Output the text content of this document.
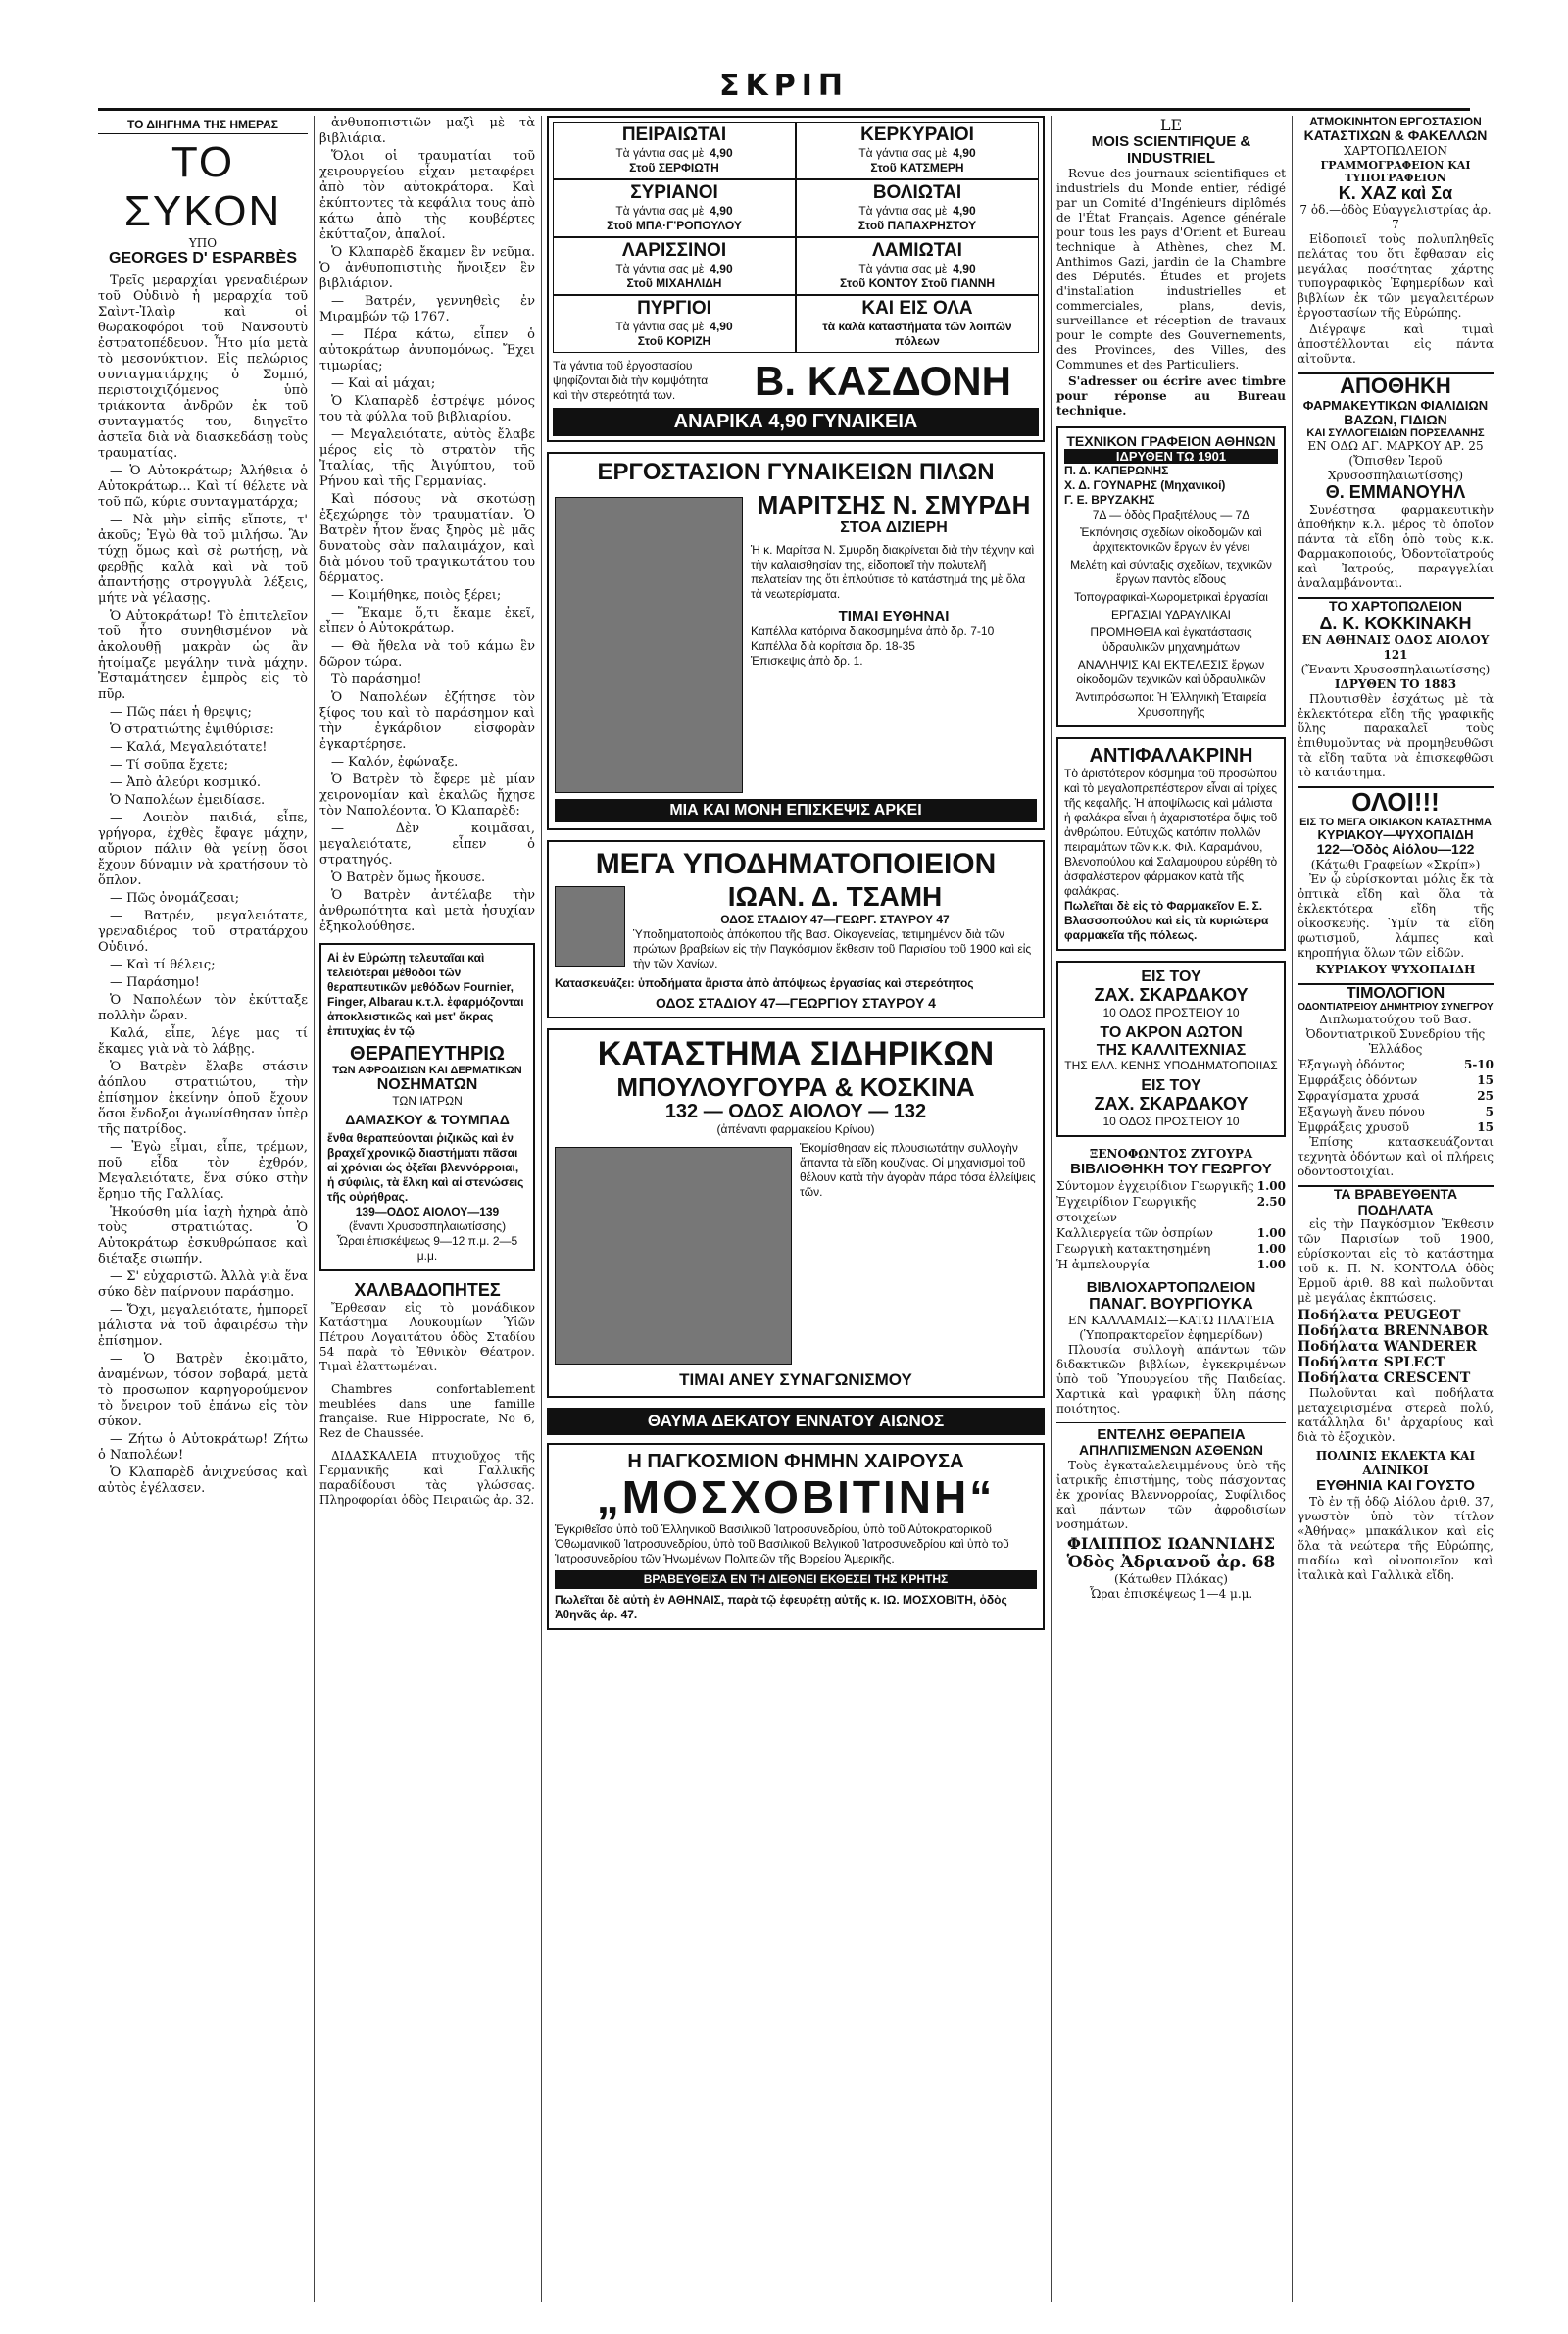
ΣΚΡΙΠ
ΤΟ ΔΙΗΓΗΜΑ ΤΗΣ ΗΜΕΡΑΣ
ΤΟ ΣΥΚΟΝ
ΥΠΟ
GEORGES D' ESPARBÈS

Τρεῖς μεραρχίαι γρεναδιέρων τοῦ Οὐδινὸ ἡ μεραρχία τοῦ Σαὶντ-Ἰλαὶρ καὶ οἱ θωρακοφόροι τοῦ Νανσουτὺ ἐστρατοπέδευον. Ἦτο μία μετὰ τὸ μεσονύκτιον. Εἰς πελώριος συνταγματάρχης ὁ Σομπό, περιστοιχιζόμενος ὑπὸ τριάκοντα ἀνδρῶν ἐκ τοῦ συνταγματός του, διηγεῖτο ἀστεῖα διὰ νὰ διασκεδάσῃ τοὺς τραυματίας.

— Ὁ Αὐτοκράτωρ; Ἀλήθεια ὁ Αὐτοκράτωρ... Καὶ τί θέλετε νὰ τοῦ πῶ, κύριε συνταγματάρχα;

— Νὰ μὴν εἰπῆς εἴποτε, τ' ἀκοῦς; Ἐγὼ θὰ τοῦ μιλήσω. Ἂν τύχῃ ὅμως καὶ σὲ ρωτήσῃ, νὰ φερθῇς καλὰ καὶ νὰ τοῦ ἀπαντήσῃς στρογγυλὰ λέξεις, μήτε νὰ γέλασῃς.

Ὁ Αὐτοκράτωρ! Τὸ ἐπιτελεῖον τοῦ ἦτο συνηθισμένον νὰ ἀκολουθῇ μακρὰν ὡς ἂν ἡτοίμαζε μεγάλην τινὰ μάχην. Ἐσταμάτησεν ἐμπρὸς εἰς τὸ πῦρ.

— Πῶς πάει ἡ θρεψις;

Ὁ στρατιώτης ἐψιθύρισε:

— Καλά, Μεγαλειότατε!

— Τί σοῦπα ἔχετε;

— Ἀπὸ ἀλεύρι κοσμικό.

Ὁ Ναπολέων ἐμειδίασε.

— Λοιπὸν παιδιά, εἶπε, γρήγορα, ἐχθὲς ἔφαγε μάχην, αὔριον πάλιν θὰ γείνῃ ὅσοι ἔχουν δύναμιν νὰ κρατήσουν τὸ ὅπλον.

— Πῶς ὀνομάζεσαι;

— Βατρέν, μεγαλειότατε, γρεναδιέρος τοῦ στρατάρχου Οὐδινό.

— Καὶ τί θέλεις;

— Παράσημο!

Ὁ Ναπολέων τὸν ἐκύτταξε πολλὴν ὥραν.

Καλά, εἶπε, λέγε μας τί ἔκαμες γιὰ νὰ τὸ λάβῃς.

Ὁ Βατρὲν ἔλαβε στάσιν ἀόπλου στρατιώτου, τὴν ἐπίσημον ἐκείνην ὁποῦ ἔχουν ὅσοι ἔνδοξοι ἀγωνίσθησαν ὑπὲρ τῆς πατρίδος.

— Ἐγὼ εἶμαι, εἶπε, τρέμων, ποῦ εἶδα τὸν ἐχθρόν, Μεγαλειότατε, ἕνα σύκο στὴν ἔρημο τῆς Γαλλίας.

Ἠκούσθη μία ἰαχὴ ἠχηρὰ ἀπὸ τοὺς στρατιώτας. Ὁ Αὐτοκράτωρ ἐσκυθρώπασε καὶ διέταξε σιωπήν.

— Σ' εὐχαριστῶ. Ἀλλὰ γιὰ ἕνα σύκο δὲν παίρνουν παράσημο.

— Ὄχι, μεγαλειότατε, ἡμπορεῖ μάλιστα νὰ τοῦ ἀφαιρέσω τὴν ἐπίσημον.

— Ὁ Βατρὲν ἐκοιμᾶτο, ἀναμένων, τόσον σοβαρά, μετὰ τὸ προσωπον καρηγορούμενον τὸ ὄνειρον τοῦ ἐπάνω εἰς τὸν σύκον.

— Ζήτω ὁ Αὐτοκράτωρ! Ζήτω ὁ Ναπολέων!

Ὁ Κλαπαρὲδ ἀνιχνεύσας καὶ αὐτὸς ἐγέλασεν.

ἀνθυποπιστιῶν μαζὶ μὲ τὰ βιβλιάρια.

Ὅλοι οἱ τραυματίαι τοῦ χειρουργείου εἶχαν μεταφέρει ἀπὸ τὸν αὐτοκράτορα. Καὶ ἐκύπτοντες τὰ κεφάλια τους ἀπὸ κάτω ἀπὸ τὴς κουβέρτες ἐκύτταζον, ἀπαλοί.

Ὁ Κλαπαρὲδ ἔκαμεν ἓν νεῦμα. Ὁ ἀνθυποπιστιὴς ἤνοιξεν ἓν βιβλιάριον.

— Βατρέν, γεννηθεὶς ἐν Μιραμβών τῷ 1767.

— Πέρα κάτω, εἶπεν ὁ αὐτοκράτωρ ἀνυπομόνως. Ἔχει τιμωρίας;

— Καὶ αἱ μάχαι;

Ὁ Κλαπαρὲδ ἐστρέψε μόνος του τὰ φύλλα τοῦ βιβλιαρίου.

— Μεγαλειότατε, αὐτὸς ἔλαβε μέρος εἰς τὸ στρατὸν τῆς Ἰταλίας, τῆς Ἀιγύπτου, τοῦ Ρήνου καὶ τῆς Γερμανίας.

Καὶ πόσους νὰ σκοτώσῃ ἐξεχώρησε τὸν τραυματίαν. Ὁ Βατρὲν ἦτον ἕνας ξηρὸς μὲ μᾶς δυνατοὺς σὰν παλαιμάχον, καὶ διὰ μόνου τοῦ τραγικωτάτου του δέρματος.

— Κοιμήθηκε, ποιὸς ξέρει;

— Ἔκαμε ὅ,τι ἔκαμε ἐκεῖ, εἶπεν ὁ Αὐτοκράτωρ.

— Θὰ ἤθελα νὰ τοῦ κάμω ἓν δῶρον τώρα.

Τὸ παράσημο!

Ὁ Ναπολέων ἐζήτησε τὸν ξίφος του καὶ τὸ παράσημον καὶ τὴν ἐγκάρδιον εἰσφορὰν ἐγκαρτέρησε.

— Καλόν, ἐφώναξε.

Ὁ Βατρὲν τὸ ἔφερε μὲ μίαν χειρονομίαν καὶ ἐκαλῶς ἤχησε τὸν Ναπολέοντα. Ὁ Κλαπαρὲδ:

— Δὲν κοιμᾶσαι, μεγαλειότατε, εἶπεν ὁ στρατηγός.

Ὁ Βατρὲν ὅμως ἤκουσε.

Ὁ Βατρὲν ἀντέλαβε τὴν ἀνθρωπότητα καὶ μετὰ ἡσυχίαν ἐξηκολούθησε.

Αἱ ἐν Εὐρώπῃ τελευταῖαι καὶ τελειότεραι μέθοδοι τῶν θεραπευτικῶν μεθόδων Fournier, Finger, Albarau κ.τ.λ. ἐφαρμόζονται ἀποκλειστικῶς καὶ μετ' ἄκρας ἐπιτυχίας ἐν τῷ
ΘΕΡΑΠΕΥΤΗΡΙΩ
ΤΩΝ ΑΦΡΟΔΙΣΙΩΝ ΚΑΙ ΔΕΡΜΑΤΙΚΩΝ
ΝΟΣΗΜΑΤΩΝ
ΤΩΝ ΙΑΤΡΩΝ
ΔΑΜΑΣΚΟΥ & ΤΟΥΜΠΑΔ
ἔνθα θεραπεύονται ῥιζικῶς καὶ ἐν βραχεῖ χρονικῷ διαστήματι πᾶσαι αἱ χρόνιαι ὡς ὀξεῖαι βλεννόρροιαι, ἡ σύφιλις, τὰ ἕλκη καὶ αἱ στενώσεις τῆς οὐρήθρας.
139—ΟΔΟΣ ΑΙΟΛΟΥ—139
(ἔναντι Χρυσοσπηλαιωτίσσης)
Ὧραι ἐπισκέψεως 9—12 π.μ. 2—5 μ.μ.
ΧΑΛΒΑΔΟΠΗΤΕΣ
Ἔρθεσαν εἰς τὸ μονάδικον Κατάστημα Λουκουμίων Ὑἱῶν Πέτρου Λογαιτάτου ὁδὸς Σταδίου 54 παρὰ τὸ Ἐθνικὸν Θέατρον. Τιμαὶ ἐλαττωμέναι.
Chambres confortablement meublées dans une famille française. Rue Hippocrate, No 6, Rez de Chaussée.
ΔΙΔΑΣΚΑΛΕΙΑ πτυχιοῦχος τῆς Γερμανικῆς καὶ Γαλλικῆς παραδίδουσι τὰς γλώσσας. Πληροφορίαι ὁδὸς Πειραιῶς ἀρ. 32.
ΠΕΙΡΑΙΩΤΑΙ
Τὰ γάντια σας μὲ 4,90
Στοῦ ΣΕΡΦΙΩΤΗ
ΚΕΡΚΥΡΑΙΟΙ
Τὰ γάντια σας μὲ 4,90
Στοῦ ΚΑΤΣΜΕΡΗ
ΣΥΡΙΑΝΟΙ
Τὰ γάντια σας μὲ 4,90
Στοῦ ΜΠΑ·Γ'ΡΟΠΟΥΛΟΥ
ΒΟΛΙΩΤΑΙ
Τὰ γάντια σας μὲ 4,90
Στοῦ ΠΑΠΑΧΡΗΣΤΟΥ
ΛΑΡΙΣΣΙΝΟΙ
Τὰ γάντια σας μὲ 4,90
Στοῦ ΜΙΧΑΗΛΙΔΗ
ΛΑΜΙΩΤΑΙ
Τὰ γάντια σας μὲ 4,90
Στοῦ ΚΟΝΤΟΥ Στοῦ ΓΙΑΝΝΗ
ΠΥΡΓΙΟΙ
Τὰ γάντια σας μὲ 4,90
Στοῦ ΚΟΡΙΖΗ
ΚΑΙ ΕΙΣ ΟΛΑ
τὰ καλὰ καταστήματα τῶν λοιπῶν πόλεων
Τὰ γάντια τοῦ ἐργοστασίου ψηφίζονται διὰ τὴν κομψότητα καὶ τὴν στερεότητά των.	Β. ΚΑΣΔΟΝΗ
ΑΝΑΡΙΚΑ 4,90 ΓΥΝΑΙΚΕΙΑ
ΕΡΓΟΣΤΑΣΙΟΝ ΓΥΝΑΙΚΕΙΩΝ ΠΙΛΩΝ
ΜΑΡΙΤΣΗΣ Ν. ΣΜΥΡΔΗ
ΣΤΟΑ ΔΙΖΙΕΡΗ
Ἡ κ. Μαρίτσα Ν. Σμυρδη διακρίνεται διὰ τὴν τέχνην καὶ τὴν καλαισθησίαν της, εἰδοποιεῖ τὴν πολυτελῆ πελατείαν της ὅτι ἐπλούτισε τὸ κατάστημά της μὲ ὅλα τὰ νεωτερίσματα.
ΤΙΜΑΙ ΕΥΘΗΝΑΙ
Καπέλλα κατόρινα διακοσμημένα ἀπὸ δρ. 7-10
Καπέλλα διὰ κορίτσια δρ. 18-35
Ἐπισκεψις ἀπὸ δρ. 1.
ΜΙΑ ΚΑΙ ΜΟΝΗ ΕΠΙΣΚΕΨΙΣ ΑΡΚΕΙ
ΜΕΓΑ ΥΠΟΔΗΜΑΤΟΠΟΙΕΙΟΝ
ΙΩΑΝ. Δ. ΤΣΑΜΗ
ΟΔΟΣ ΣΤΑΔΙΟΥ 47—ΓΕΩΡΓ. ΣΤΑΥΡΟΥ 47
Ὑποδηματοποιὸς ἀπόκοπου τῆς Βασ. Οἰκογενείας, τετιμημένον διὰ τῶν πρώτων βραβείων εἰς τὴν Παγκόσμιον ἔκθεσιν τοῦ Παρισίου τοῦ 1900 καὶ εἰς τὴν τῶν Χανίων.
Κατασκευάζει: ὑποδήματα ἄριστα ἀπὸ ἀπόψεως ἐργασίας καὶ στερεότητος
ΟΔΟΣ ΣΤΑΔΙΟΥ 47—ΓΕΩΡΓΙΟΥ ΣΤΑΥΡΟΥ 4
ΚΑΤΑΣΤΗΜΑ ΣΙΔΗΡΙΚΩΝ
ΜΠΟΥΛΟΥΓΟΥΡΑ & ΚΟΣΚΙΝΑ
132 — ΟΔΟΣ ΑΙΟΛΟΥ — 132
(ἀπέναντι φαρμακείου Κρίνου)
Ἐκομίσθησαν εἰς πλουσιωτάτην συλλογὴν ἅπαντα τὰ εἴδη κουζίνας. Οἱ μηχανισμοὶ τοῦ θέλουν κατὰ τὴν ἀγορὰν πάρα τόσα ἐλλείψεις τῶν.
ΤΙΜΑΙ ΑΝΕΥ ΣΥΝΑΓΩΝΙΣΜΟΥ
ΘΑΥΜΑ ΔΕΚΑΤΟΥ ΕΝΝΑΤΟΥ ΑΙΩΝΟΣ
Η ΠΑΓΚΟΣΜΙΟΝ ΦΗΜΗΝ ΧΑΙΡΟΥΣΑ
„ΜΟΣΧΟΒΙΤΙΝΗ“
Ἐγκριθεῖσα ὑπὸ τοῦ Ἑλληνικοῦ Βασιλικοῦ Ἰατροσυνεδρίου, ὑπὸ τοῦ Αὐτοκρατορικοῦ Ὀθωμανικοῦ Ἰατροσυνεδρίου, ὑπὸ τοῦ Βασιλικοῦ Βελγικοῦ Ἰατροσυνεδρίου καὶ ὑπὸ τοῦ Ἰατροσυνεδρίου τῶν Ἡνωμένων Πολιτειῶν τῆς Βορείου Ἀμερικῆς.
ΒΡΑΒΕΥΘΕΙΣΑ ΕΝ ΤΗ ΔΙΕΘΝΕΙ ΕΚΘΕΣΕΙ ΤΗΣ ΚΡΗΤΗΣ
Πωλεῖται δὲ αὐτὴ ἐν ΑΘΗΝΑΙΣ, παρὰ τῷ ἐφευρέτῃ αὐτῆς κ. ΙΩ. ΜΟΣΧΟΒΙΤΗ, ὁδὸς Ἀθηνᾶς ἀρ. 47.
LE
MOIS SCIENTIFIQUE & INDUSTRIEL
Revue des journaux scientifiques et industriels du Monde entier, rédigé par un Comité d'Ingénieurs diplômés de l'État Français. Agence générale pour tous les pays d'Orient et Bureau technique à Athènes, chez M. Anthimos Gazi, jardin de la Chambre des Députés. Études et projets d'installation industrielles et commerciales, plans, devis, surveillance et réception de travaux pour le compte des Gouvernements, des Provinces, des Villes, des Communes et des Particuliers.
S'adresser ou écrire avec timbre pour réponse au Bureau technique.
ΤΕΧΝΙΚΟΝ ΓΡΑΦΕΙΟΝ ΑΘΗΝΩΝ
ΙΔΡΥΘΕΝ ΤΩ 1901
Π. Δ. ΚΑΠΕΡΩΝΗΣ
Χ. Δ. ΓΟΥΝΑΡΗΣ (Μηχανικοί)
Γ. Ε. ΒΡΥΖΑΚΗΣ
7Δ — ὁδὸς Πραξιτέλους — 7Δ
Ἐκπόνησις σχεδίων οἰκοδομῶν καὶ ἀρχιτεκτονικῶν ἔργων ἐν γένει
Μελέτη καὶ σύνταξις σχεδίων, τεχνικῶν ἔργων παντὸς εἴδους
Τοπογραφικαὶ-Χωρομετρικαὶ ἐργασίαι
ΕΡΓΑΣΙΑΙ ΥΔΡΑΥΛΙΚΑΙ
ΠΡΟΜΗΘΕΙΑ καὶ ἐγκατάστασις ὑδραυλικῶν μηχανημάτων
ΑΝΑΛΗΨΙΣ ΚΑΙ ΕΚΤΕΛΕΣΙΣ ἔργων οἰκοδομῶν τεχνικῶν καὶ ὑδραυλικῶν
Ἀντιπρόσωποι: Ἡ Ἑλληνικὴ Ἑταιρεία Χρυσοπηγῆς
ΑΝΤΙΦΑΛΑΚΡΙΝΗ
Τὸ ἀριστότερον κόσμημα τοῦ προσώπου καὶ τὸ μεγαλοπρεπέστερον εἶναι αἱ τρίχες τῆς κεφαλῆς. Ἡ ἀποψίλωσις καὶ μάλιστα ἡ φαλάκρα εἶναι ἡ ἀχαριστοτέρα ὄψις τοῦ ἀνθρώπου. Εὐτυχῶς κατόπιν πολλῶν πειραμάτων τῶν κ.κ. Φιλ. Καραμάνου, Βλενοπούλου καὶ Σαλαμούρου εὑρέθη τὸ ἀσφαλέστερον φάρμακον κατὰ τῆς φαλάκρας.
Πωλεῖται δὲ εἰς τὸ Φαρμακεῖον Ε. Σ. Βλασσοπούλου καὶ εἰς τὰ κυριώτερα φαρμακεῖα τῆς πόλεως.
ΕΙΣ ΤΟΥ
ΖΑΧ. ΣΚΑΡΔΑΚΟΥ
10 ΟΔΟΣ ΠΡΟΣΤΕΙΟΥ 10
ΤΟ ΑΚΡΟΝ ΑΩΤΟΝ
ΤΗΣ ΚΑΛΛΙΤΕΧΝΙΑΣ
ΤΗΣ ΕΛΛ. ΚΕΝΗΣ ΥΠΟΔΗΜΑΤΟΠΟΙΙΑΣ
ΕΙΣ ΤΟΥ
ΖΑΧ. ΣΚΑΡΔΑΚΟΥ
10 ΟΔΟΣ ΠΡΟΣΤΕΙΟΥ 10
ΞΕΝΟΦΩΝΤΟΣ ΖΥΓΟΥΡΑ
ΒΙΒΛΙΟΘΗΚΗ ΤΟΥ ΓΕΩΡΓΟΥ
Σύντομον ἐγχειρίδιον Γεωργικῆς 1.00
Ἐγχειρίδιον Γεωργικῆς στοιχείων
2.50
Καλλιεργεία τῶν ὀσπρίων	1.00
Γεωργικὴ κατακτησημένη	1.00
Ἡ ἀμπελουργία	1.00
ΒΙΒΛΙΟΧΑΡΤΟΠΩΛΕΙΟΝ
ΠΑΝΑΓ. ΒΟΥΡΓΙΟΥΚΑ
ΕΝ ΚΑΛΛΑΜΑΙΣ—ΚΑΤΩ ΠΛΑΤΕΙΑ
(Ὑποπρακτορεῖον ἐφημερίδων)
Πλουσία συλλογὴ ἁπάντων τῶν διδακτικῶν βιβλίων, ἐγκεκριμένων ὑπὸ τοῦ Ὑπουργείου τῆς Παιδείας. Χαρτικὰ καὶ γραφικὴ ὕλη πάσης ποιότητος.
ΕΝΤΕΛΗΣ ΘΕΡΑΠΕΙΑ
ΑΠΗΛΠΙΣΜΕΝΩΝ ΑΣΘΕΝΩΝ
Τοὺς ἐγκαταλελειμμένους ὑπὸ τῆς ἰατρικῆς ἐπιστήμης, τοὺς πάσχοντας ἐκ χρονίας Βλεννορροίας, Συφίλιδος καὶ πάντων τῶν ἀφροδισίων νοσημάτων.
ΦΙΛΙΠΠΟΣ ΙΩΑΝΝΙΔΗΣ
Ὁδὸς Ἀδριανοῦ ἀρ. 68
(Κάτωθεν Πλάκας)
Ὧραι ἐπισκέψεως 1—4 μ.μ.
ΑΤΜΟΚΙΝΗΤΟΝ ΕΡΓΟΣΤΑΣΙΟΝ
ΚΑΤΑΣΤΙΧΩΝ & ΦΑΚΕΛΛΩΝ
ΧΑΡΤΟΠΩΛΕΙΟΝ
ΓΡΑΜΜΟΓΡΑΦΕΙΟΝ ΚΑΙ ΤΥΠΟΓΡΑΦΕΙΟΝ
Κ. ΧΑΖ καὶ Σα
7 ὁδ.—ὁδὸς Εὐαγγελιστρίας ἀρ. 7
Εἰδοποιεῖ τοὺς πολυπληθεῖς πελάτας του ὅτι ἔφθασαν εἰς μεγάλας ποσότητας χάρτης τυπογραφικὸς Ἐφημερίδων καὶ βιβλίων ἐκ τῶν μεγαλειτέρων ἐργοστασίων τῆς Εὐρώπης.
Διέγραψε καὶ τιμαὶ ἀποστέλλονται εἰς πάντα αἰτοῦντα.
ΑΠΟΘΗΚΗ
ΦΑΡΜΑΚΕΥΤΙΚΩΝ ΦΙΑΛΙΔΙΩΝ
ΒΑΖΩΝ, ΓΙΔΙΩΝ
ΚΑΙ ΣΥΛΛΟΓΕΙΔΙΩΝ ΠΟΡΣΕΛΑΝΗΣ
ΕΝ ΟΔΩ ΑΓ. ΜΑΡΚΟΥ ΑΡ. 25
(Ὄπισθεν Ἱεροῦ Χρυσοσπηλαιωτίσσης)
Θ. ΕΜΜΑΝΟΥΗΛ
Συνέστησα φαρμακευτικὴν ἀποθήκην κ.λ. μέρος τὸ ὁποῖον πάντα τὰ εἴδη ὁπὸ τοὺς κ.κ. Φαρμακοποιούς, Ὀδοντοϊατρούς καὶ Ἰατρούς, παραγγελίαι ἀναλαμβάνονται.
ΤΟ ΧΑΡΤΟΠΩΛΕΙΟΝ
Δ. Κ. ΚΟΚΚΙΝΑΚΗ
ΕΝ ΑΘΗΝΑΙΣ ΟΔΟΣ ΑΙΟΛΟΥ 121
(Ἔναντι Χρυσοσπηλαιωτίσσης)
ΙΔΡΥΘΕΝ ΤΟ 1883
Πλουτισθὲν ἐσχάτως μὲ τὰ ἐκλεκτότερα εἴδη τῆς γραφικῆς ὕλης παρακαλεῖ τοὺς ἐπιθυμοῦντας νὰ προμηθευθῶσι τὰ εἴδη ταῦτα νὰ ἐπισκεφθῶσι τὸ κατάστημα.
ΟΛΟΙ!!!
ΕΙΣ ΤΟ ΜΕΓΑ ΟΙΚΙΑΚΟΝ ΚΑΤΑΣΤΗΜΑ
ΚΥΡΙΑΚΟΥ—ΨΥΧΟΠΑΙΔΗ
122—Ὁδὸς Αἰόλου—122
(Κάτωθι Γραφείων «Σκρίπ»)
Ἐν ᾧ εὑρίσκονται μόλις ἔκ τὰ ὀπτικὰ εἴδη καὶ ὅλα τὰ ἐκλεκτότερα εἴδη τῆς οἰκοσκευῆς. Ὑμίν τὰ εἴδη φωτισμοῦ, λάμπες καὶ κηροπήγια ὅλων τῶν εἰδῶν.
ΚΥΡΙΑΚΟΥ ΨΥΧΟΠΑΙΔΗ
ΤΙΜΟΛΟΓΙΟΝ
ΟΔΟΝΤΙΑΤΡΕΙΟΥ ΔΗΜΗΤΡΙΟΥ ΣΥΝΕΓΡΟΥ
Διπλωματούχου τοῦ Βασ. Ὀδοντιατρικοῦ Συνεδρίου τῆς Ἑλλάδος
Ἐξαγωγὴ ὀδόντος	5-10
Ἐμφράξεις ὀδόντων	15
Σφραγίσματα χρυσά	25
Ἐξαγωγὴ ἄνευ πόνου	5
Ἐμφράξεις χρυσοῦ	15
Ἐπίσης κατασκευάζονται τεχνητὰ ὀδόντων καὶ οἱ πλήρεις οδοντοστοιχίαι.
ΤΑ ΒΡΑΒΕΥΘΕΝΤΑ ΠΟΔΗΛΑΤΑ
εἰς τὴν Παγκόσμιον Ἔκθεσιν τῶν Παρισίων τοῦ 1900, εὑρίσκονται εἰς τὸ κατάστημα τοῦ κ. Π. Ν. ΚΟΝΤΟΛΑ ὁδὸς Ἑρμοῦ ἀριθ. 88 καὶ πωλοῦνται μὲ μεγάλας ἐκπτώσεις.
Ποδήλατα PEUGEOT
Ποδήλατα BRENNABOR
Ποδήλατα WANDERER
Ποδήλατα SPLECT
Ποδήλατα CRESCENT
Πωλοῦνται καὶ ποδήλατα μεταχειρισμένα στερεὰ πολύ, κατάλληλα δι' ἀρχαρίους καὶ διὰ τὸ ἐξοχικὸν.
ΠΟΛΙΝΙΣ ΕΚΛΕΚΤΑ ΚΑΙ ΑΛΙΝΙΚΟΙ
ΕΥΘΗΝΙΑ ΚΑΙ ΓΟΥΣΤΟ
Τὸ ἐν τῇ ὁδῷ Αἰόλου ἀριθ. 37, γνωστὸν ὑπὸ τὸν τίτλον «Ἀθήνας» μπακάλικον καὶ εἰς ὅλα τὰ νεώτερα τῆς Εὐρώπης, πιαδίω καὶ οἰνοποιεῖον καὶ ἰταλικὰ καὶ Γαλλικὰ εἴδη.
